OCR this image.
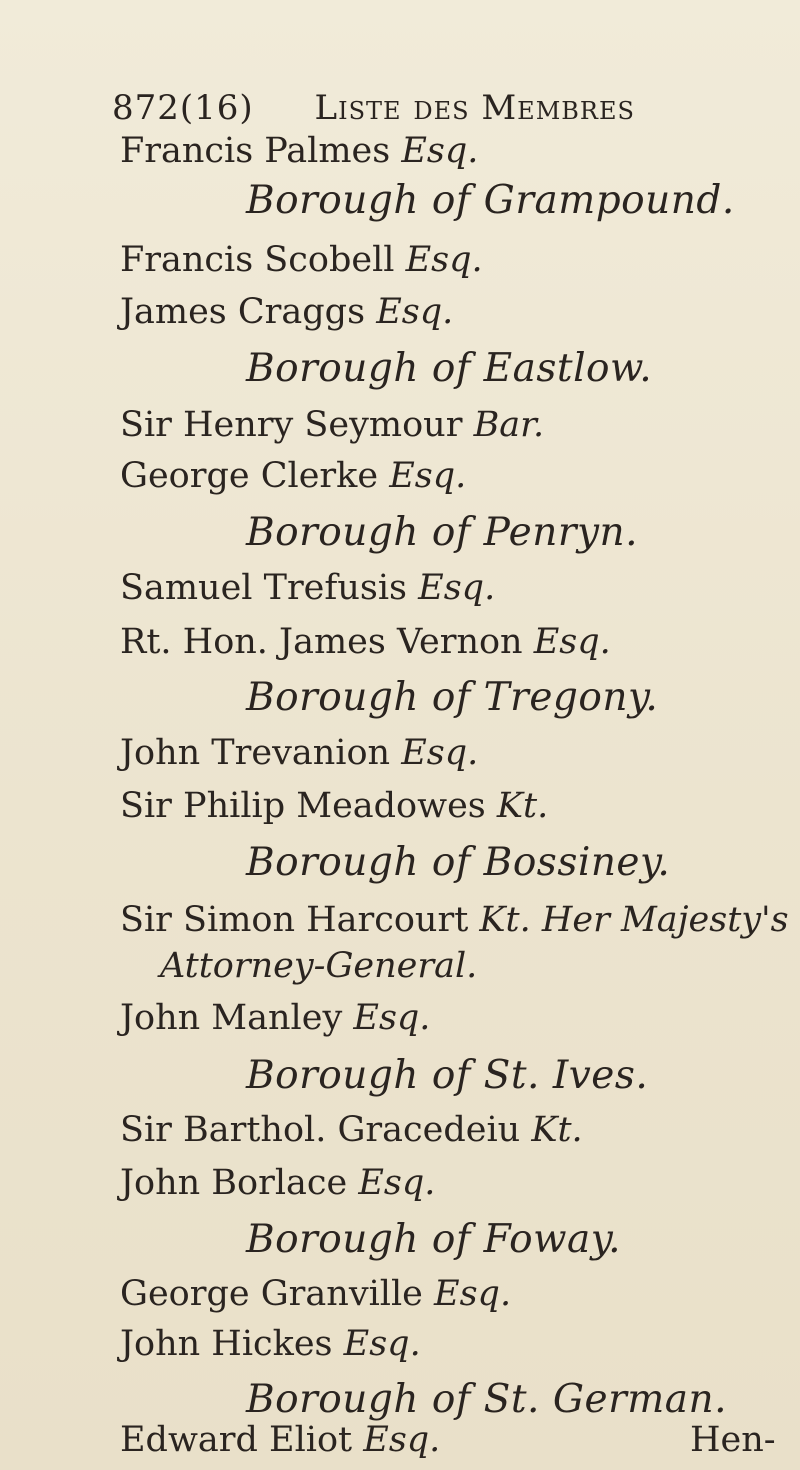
872(16) Liste des Membres
Francis Palmes Esq.
Borough of Grampound.
Francis Scobell Esq.
James Craggs Esq.
Borough of Eastlow.
Sir Henry Seymour Bar.
George Clerke Esq.
Borough of Penryn.
Samuel Trefusis Esq.
Rt. Hon. James Vernon Esq.
Borough of Tregony.
John Trevanion Esq.
Sir Philip Meadowes Kt.
Borough of Bossiney.
Sir Simon Harcourt Kt. Her Majesty's
Attorney-General.
John Manley Esq.
Borough of St. Ives.
Sir Barthol. Gracedeiu Kt.
John Borlace Esq.
Borough of Foway.
George Granville Esq.
John Hickes Esq.
Borough of St. German.
Edward Eliot Esq.	Hen-
